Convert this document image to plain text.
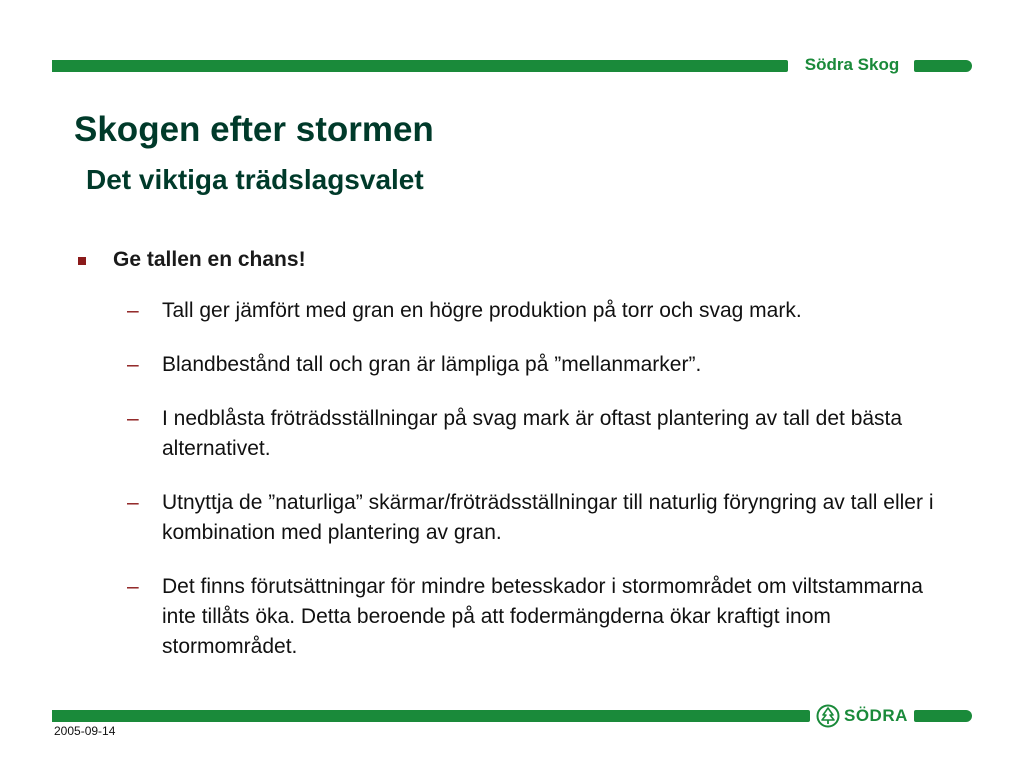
Södra Skog
Skogen efter stormen
Det viktiga trädslagsvalet
Ge tallen en chans!
–	Tall ger jämfört med gran en högre produktion på torr och svag mark.
–	Blandbestånd tall och gran är lämpliga på ”mellanmarker”.
–	I nedblåsta fröträdsställningar på svag mark är oftast plantering av tall det bästa alternativet.
–	Utnyttja de ”naturliga” skärmar/fröträdsställningar till naturlig föryngring av tall eller i kombination med plantering av gran.
–	Det finns förutsättningar för mindre betesskador i stormområdet om viltstammarna inte tillåts öka. Detta beroende på att fodermängderna ökar kraftigt inom stormområdet.
SÖDRA
2005-09-14
